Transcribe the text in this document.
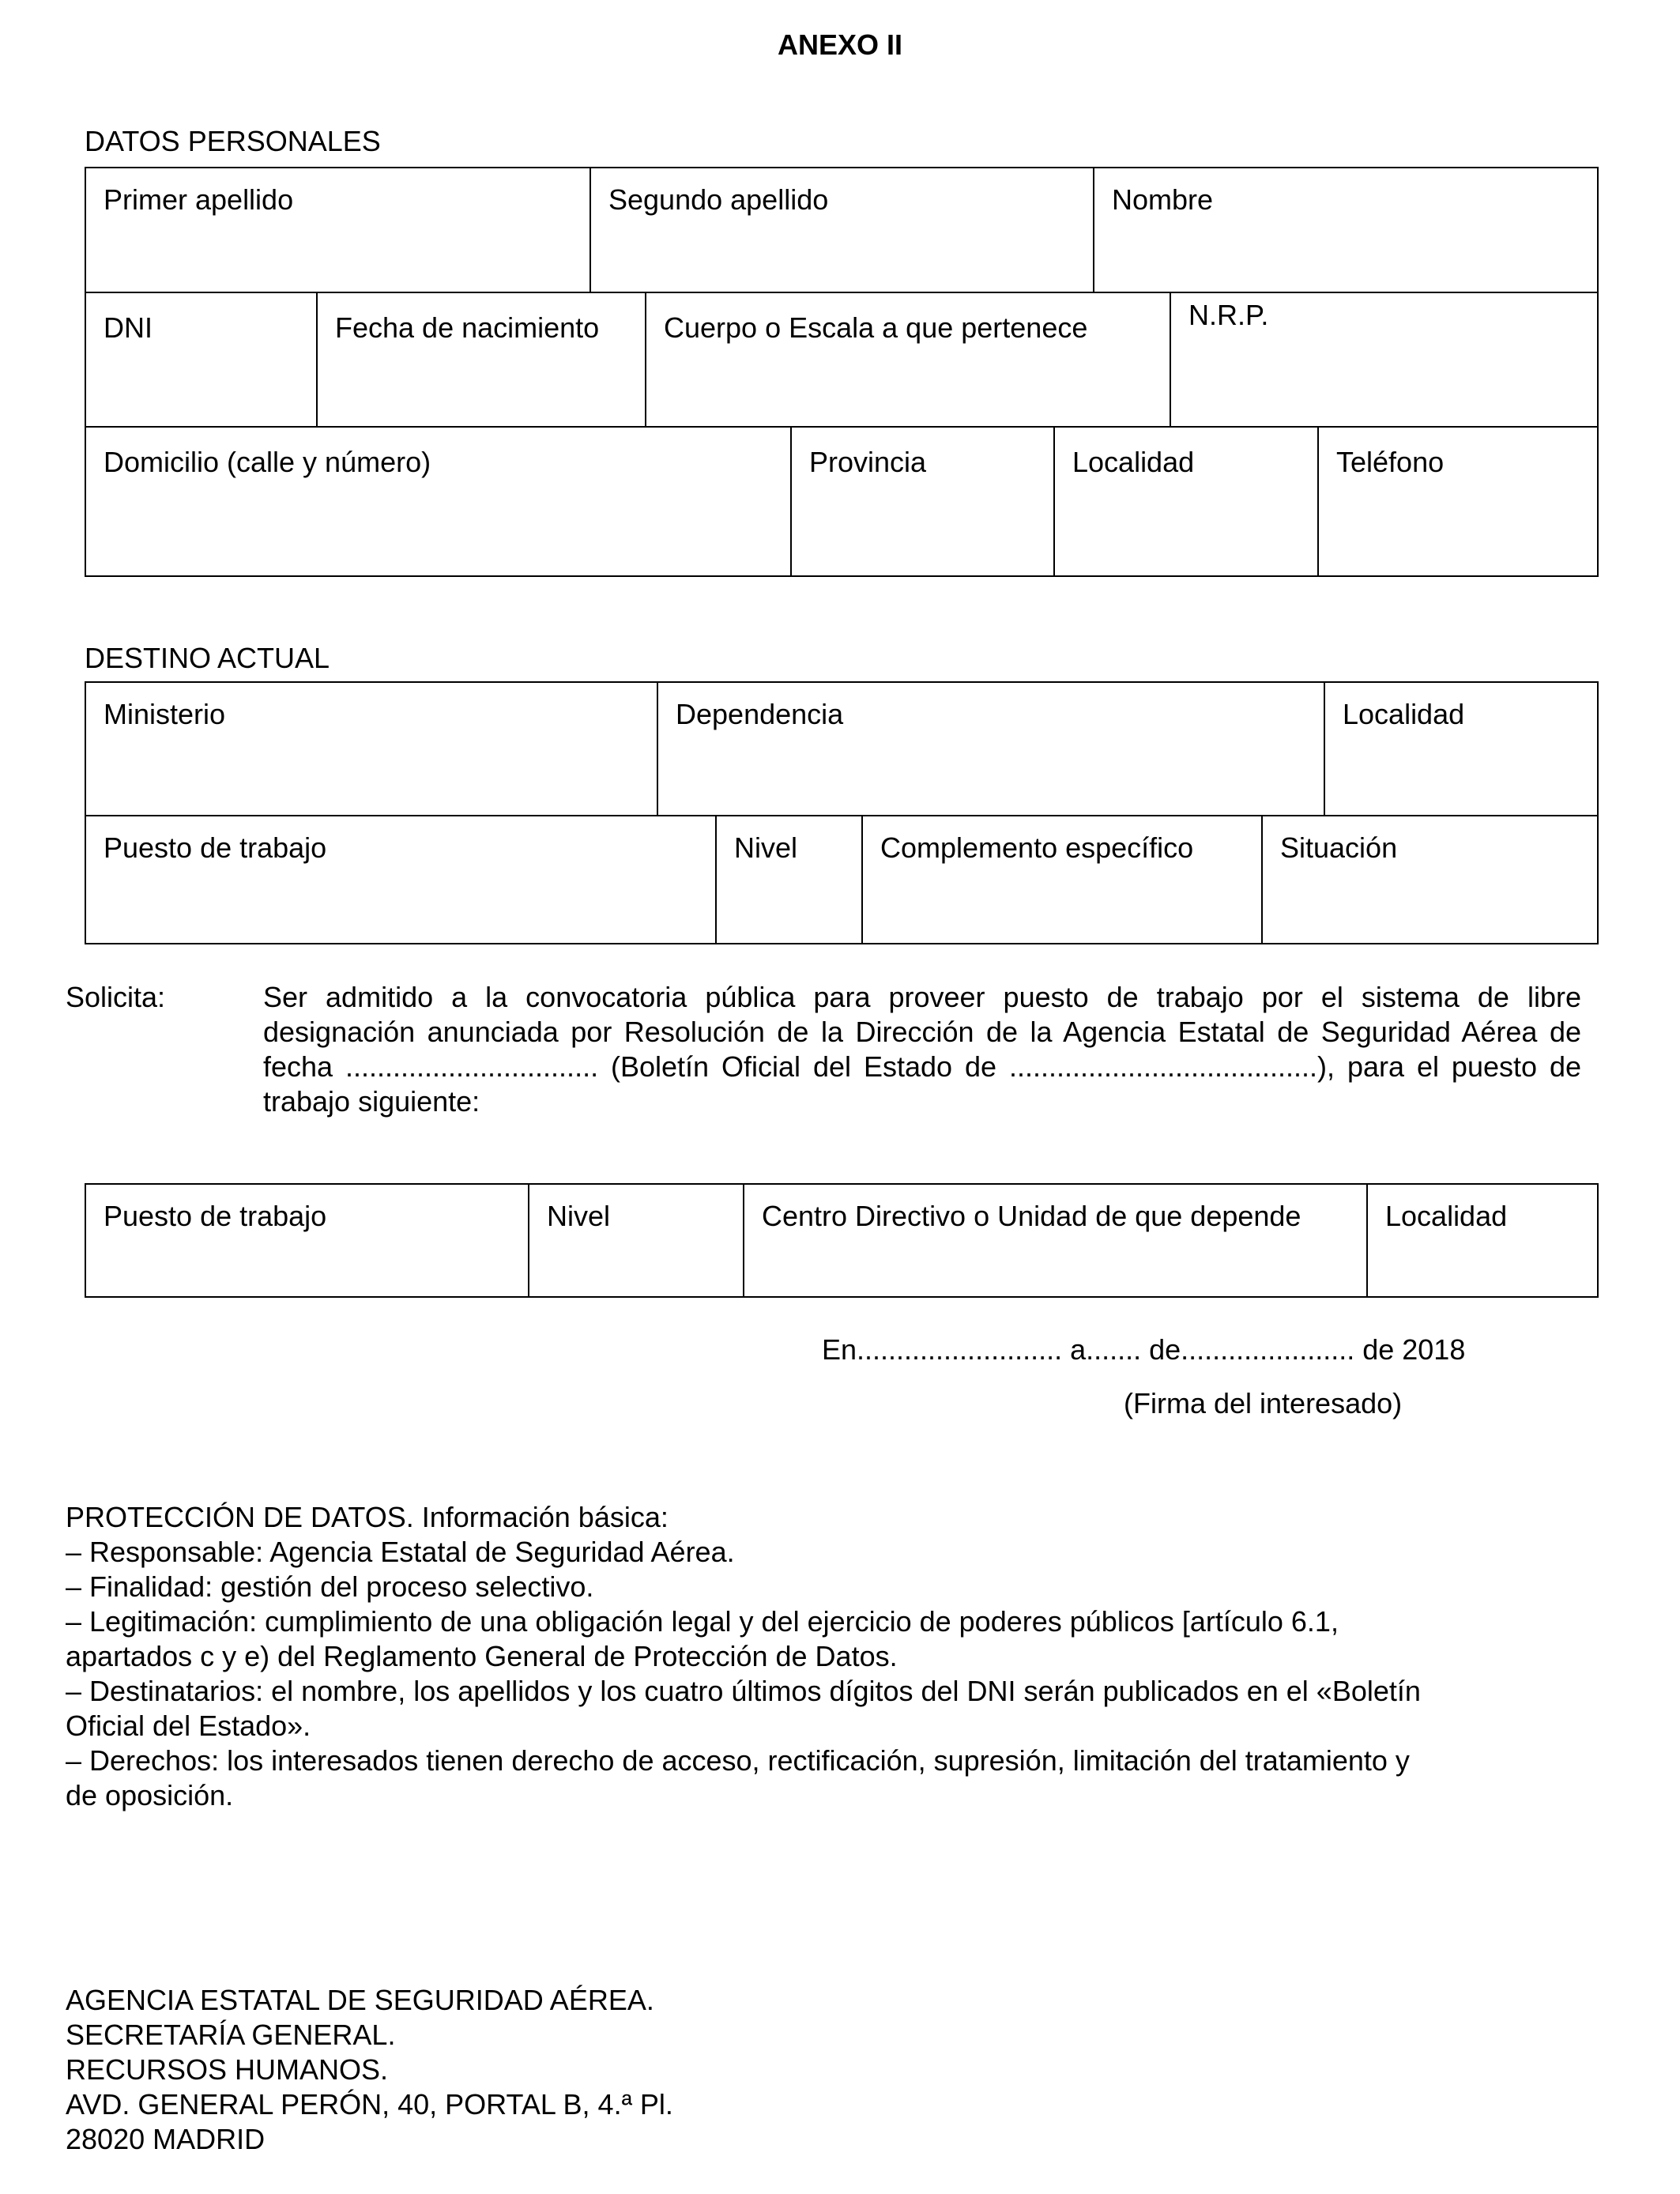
ANEXO II
DATOS PERSONALES
Primer apellido	Segundo apellido	Nombre
DNI	Fecha de nacimiento	Cuerpo o Escala a que pertenece	N.R.P.
Domicilio (calle y número)	Provincia	Localidad	Teléfono
DESTINO ACTUAL
Ministerio	Dependencia	Localidad
Puesto de trabajo	Nivel	Complemento específico	Situación
Solicita:	Ser admitido a la convocatoria pública para proveer puesto de trabajo por el sistema de libre designación anunciada por Resolución de la Dirección de la Agencia Estatal de Seguridad Aérea de fecha ................................ (Boletín Oficial del Estado de .......................................), para el puesto de trabajo siguiente:
Puesto de trabajo	Nivel	Centro Directivo o Unidad de que depende	Localidad
En.......................... a....... de...................... de 2018
(Firma del interesado)
PROTECCIÓN DE DATOS. Información básica:
– Responsable: Agencia Estatal de Seguridad Aérea.
– Finalidad: gestión del proceso selectivo.
– Legitimación: cumplimiento de una obligación legal y del ejercicio de poderes públicos [artículo 6.1,
apartados c y e) del Reglamento General de Protección de Datos.
– Destinatarios: el nombre, los apellidos y los cuatro últimos dígitos del DNI serán publicados en el «Boletín
Oficial del Estado».
– Derechos: los interesados tienen derecho de acceso, rectificación, supresión, limitación del tratamiento y
de oposición.
AGENCIA ESTATAL DE SEGURIDAD AÉREA.
SECRETARÍA GENERAL.
RECURSOS HUMANOS.
AVD. GENERAL PERÓN, 40, PORTAL B, 4.ª Pl.
28020 MADRID
